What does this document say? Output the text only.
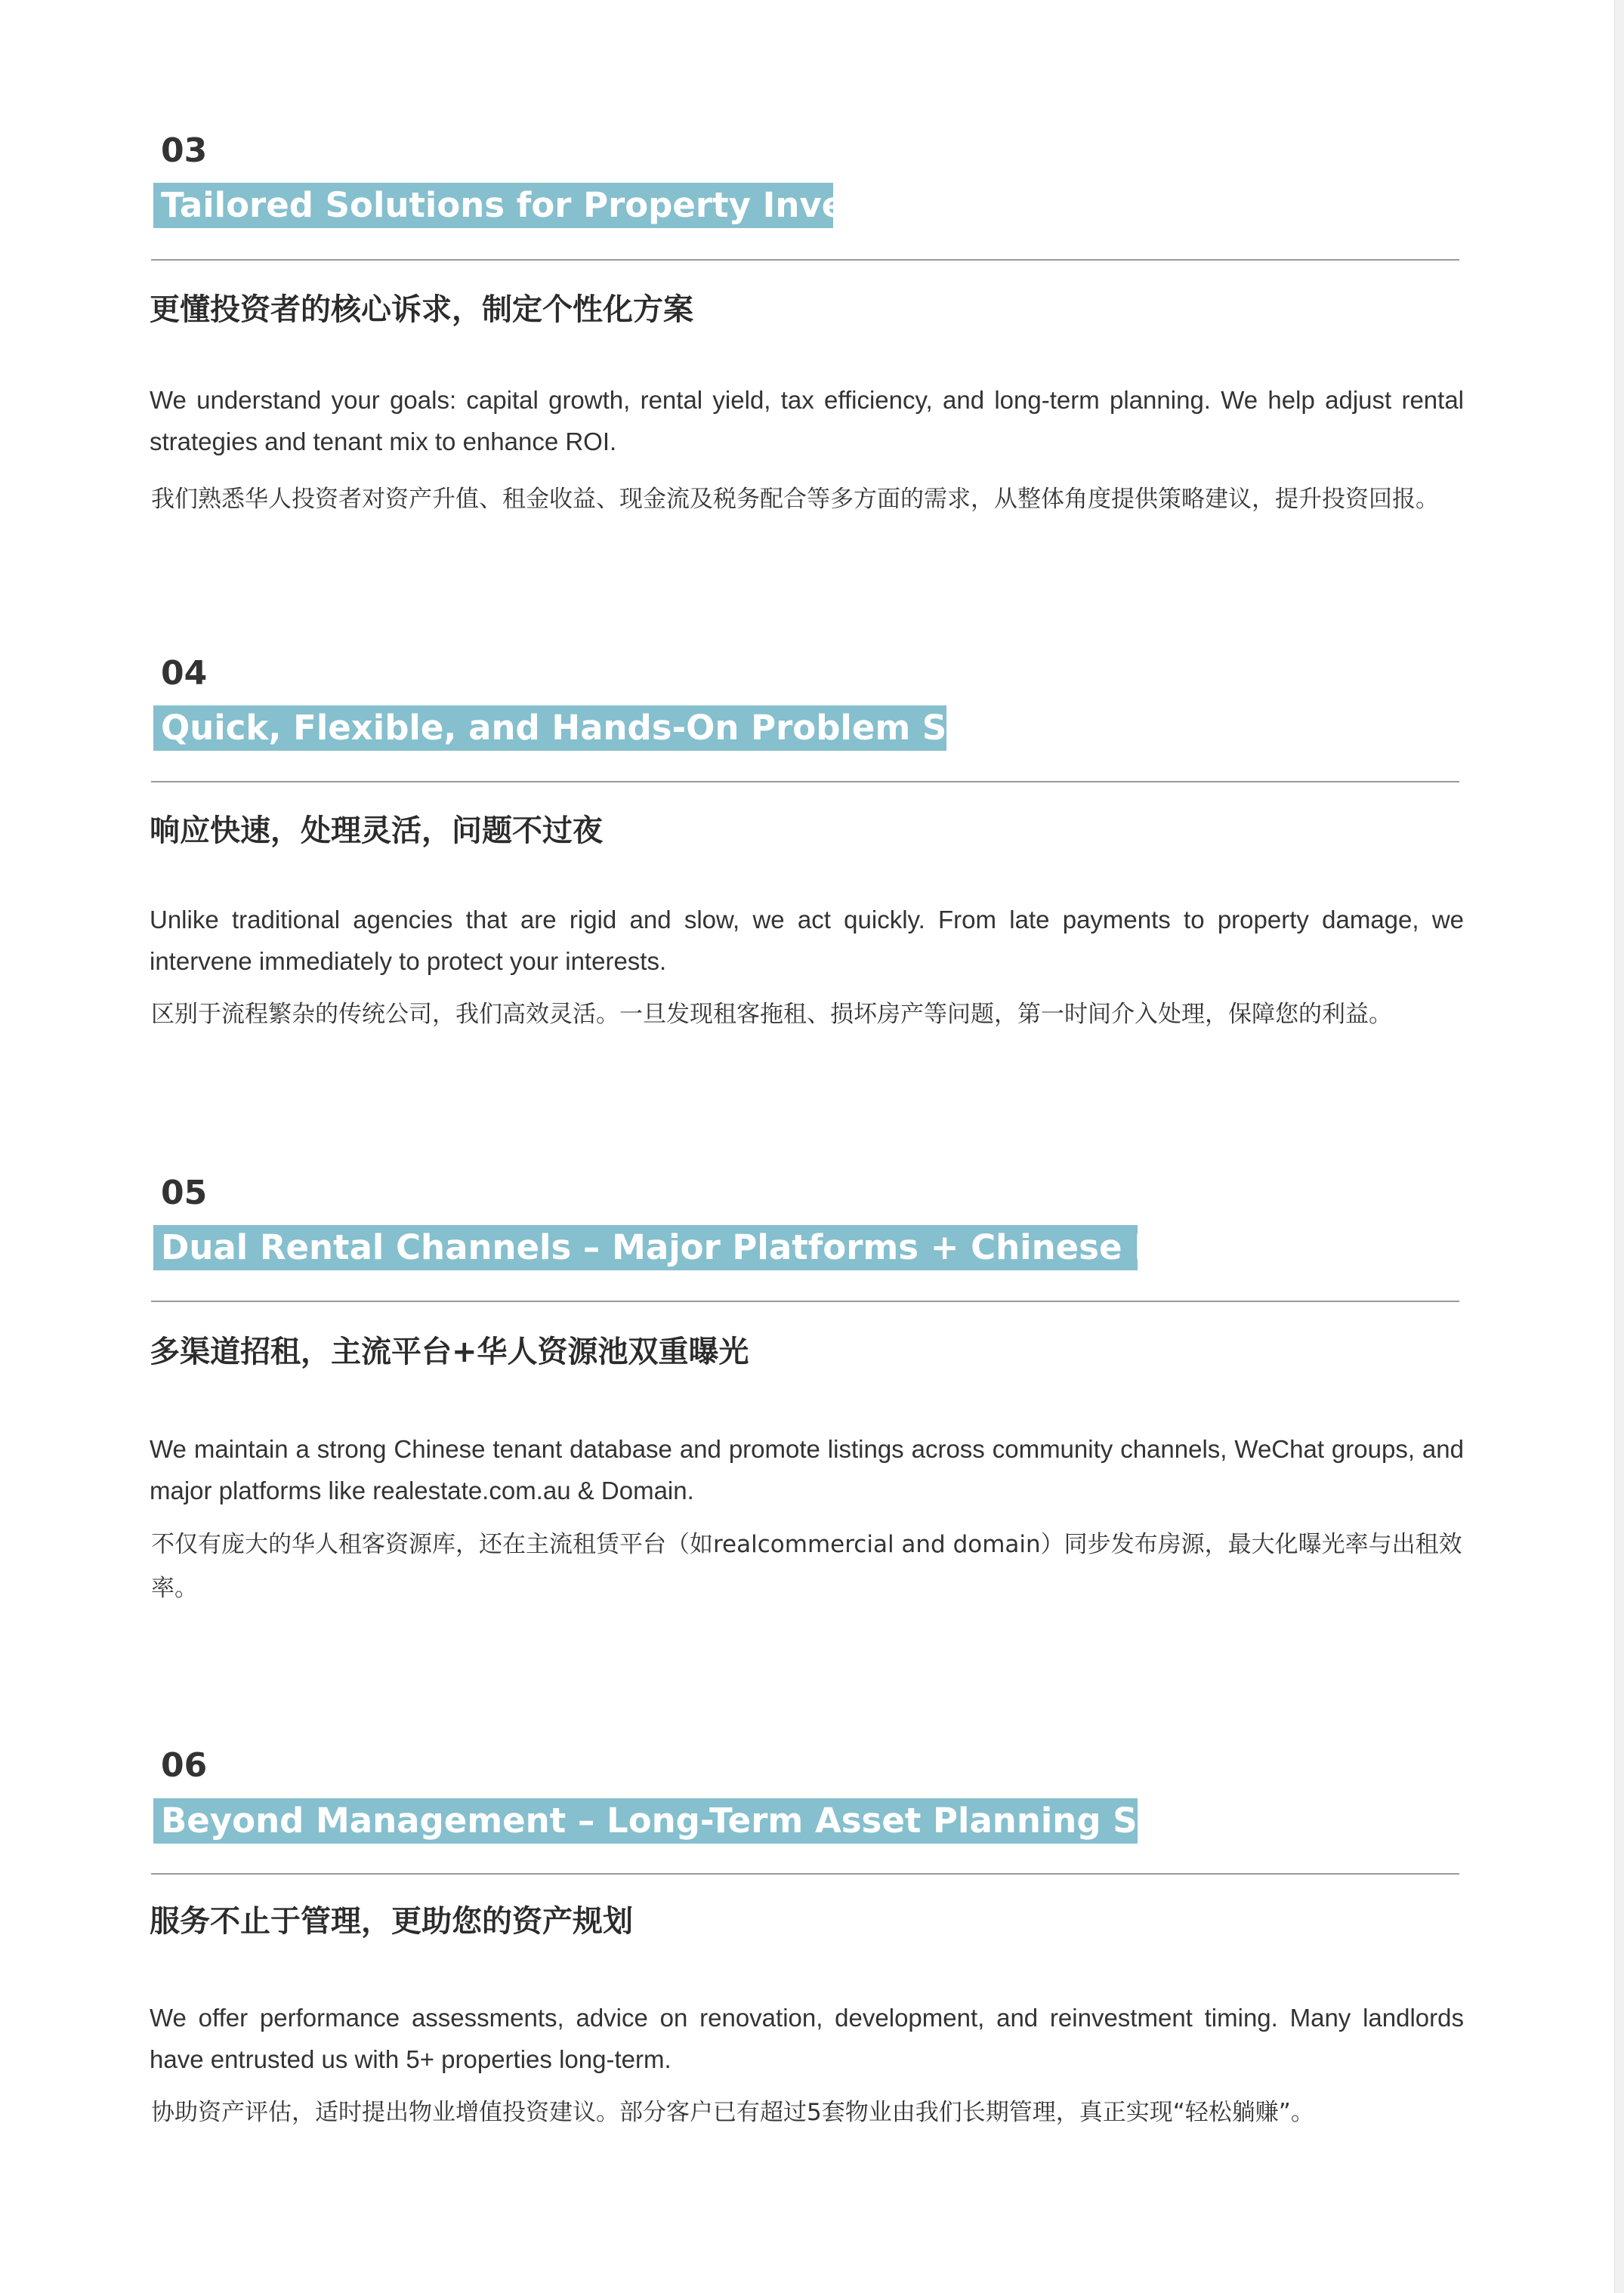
03
Tailored Solutions for Property Investors
更懂投资者的核心诉求，制定个性化方案
We understand your goals: capital growth, rental yield, tax efficiency, and long-term planning. We help adjust rental strategies and tenant mix to enhance ROI.
我们熟悉华人投资者对资产升值、租金收益、现金流及税务配合等多方面的需求，从整体角度提供策略建议，提升投资回报。
04
Quick, Flexible, and Hands-On Problem Solving
响应快速，处理灵活，问题不过夜
Unlike traditional agencies that are rigid and slow, we act quickly. From late payments to property damage, we intervene immediately to protect your interests.
区别于流程繁杂的传统公司，我们高效灵活。一旦发现租客拖租、损坏房产等问题，第一时间介入处理，保障您的利益。
05
Dual Rental Channels – Major Platforms + Chinese Network
多渠道招租，主流平台+华人资源池双重曝光
We maintain a strong Chinese tenant database and promote listings across community channels, WeChat groups, and major platforms like realestate.com.au & Domain.
不仅有庞大的华人租客资源库，还在主流租赁平台（如realcommercial and domain）同步发布房源，最大化曝光率与出租效率。
06
Beyond Management – Long-Term Asset Planning Support
服务不止于管理，更助您的资产规划
We offer performance assessments, advice on renovation, development, and reinvestment timing. Many landlords have entrusted us with 5+ properties long-term.
协助资产评估，适时提出物业增值投资建议。部分客户已有超过5套物业由我们长期管理，真正实现“轻松躺赚”。
